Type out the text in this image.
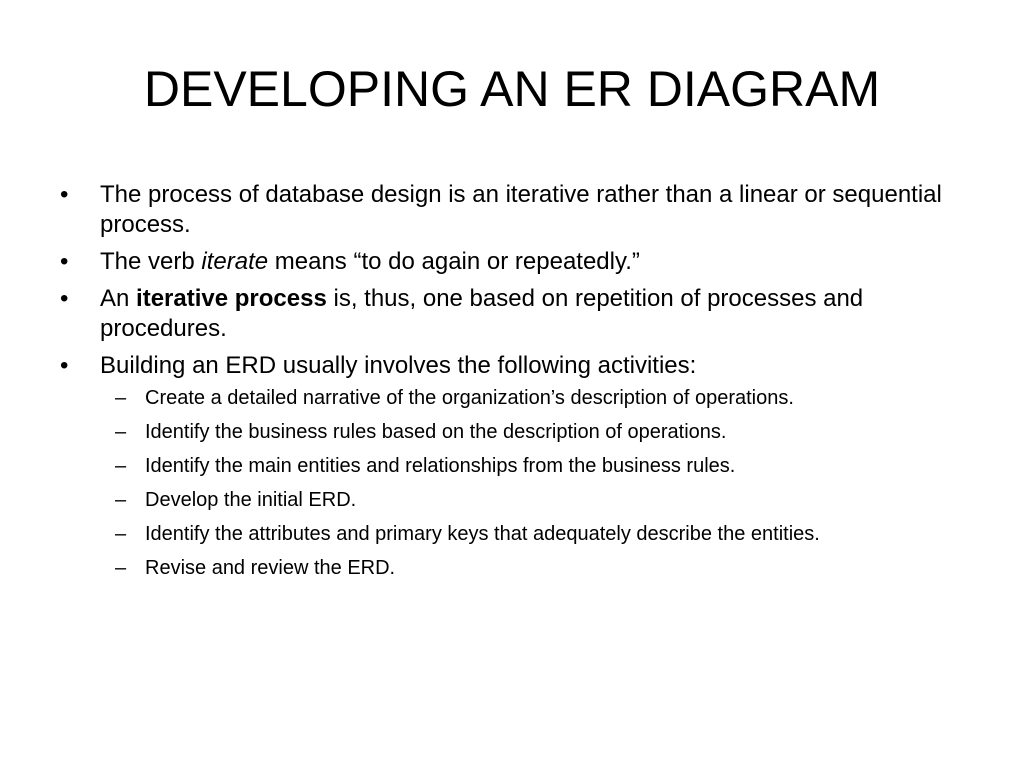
DEVELOPING AN ER DIAGRAM
•	The process of database design is an iterative rather than a linear or sequential process.
•	The verb iterate means “to do again or repeatedly.”
•	An iterative process is, thus, one based on repetition of processes and procedures.
•	Building an ERD usually involves the following activities:
– Create a detailed narrative of the organization’s description of operations.
– Identify the business rules based on the description of operations.
– Identify the main entities and relationships from the business rules.
– Develop the initial ERD.
– Identify the attributes and primary keys that adequately describe the entities.
– Revise and review the ERD.
